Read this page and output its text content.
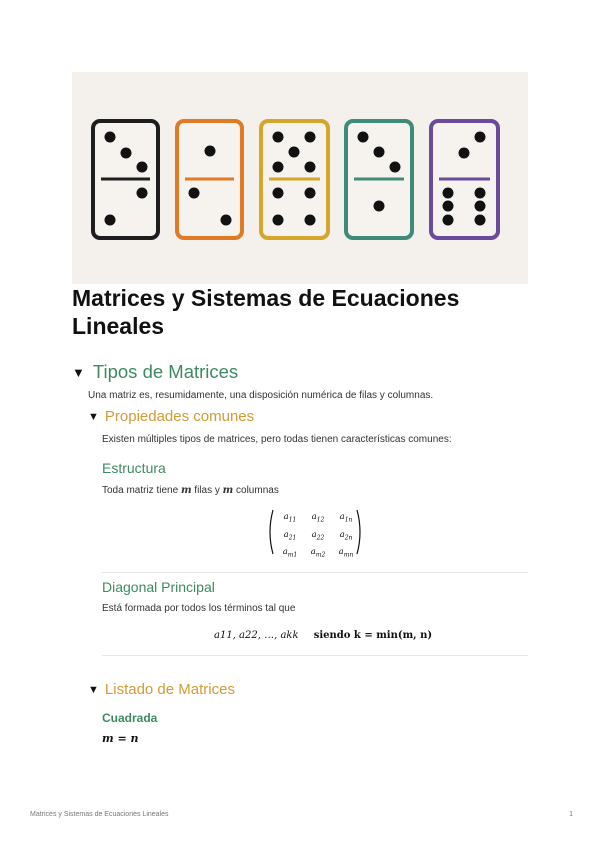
Matrices y Sistemas de Ecuaciones Lineales
▼ Tipos de Matrices
Una matriz es, resumidamente, una disposición numérica de filas y columnas.
▼ Propiedades comunes
Existen múltiples tipos de matrices, pero todas tienen características comunes:
Estructura
Toda matriz tiene m filas y m columnas
$a_{11}$	$a_{12}$	$a_{1n}$
$a_{21}$	$a_{22}$	$a_{2n}$
$a_{m1}$	$a_{m2}$	$a_{mn}$
Diagonal Principal
Está formada por todos los términos tal que
a11, a22, …, akk siendo k = min(m, n)
▼ Listado de Matrices
Cuadrada
m = n
Matrices y Sistemas de Ecuaciones Lineales	1
